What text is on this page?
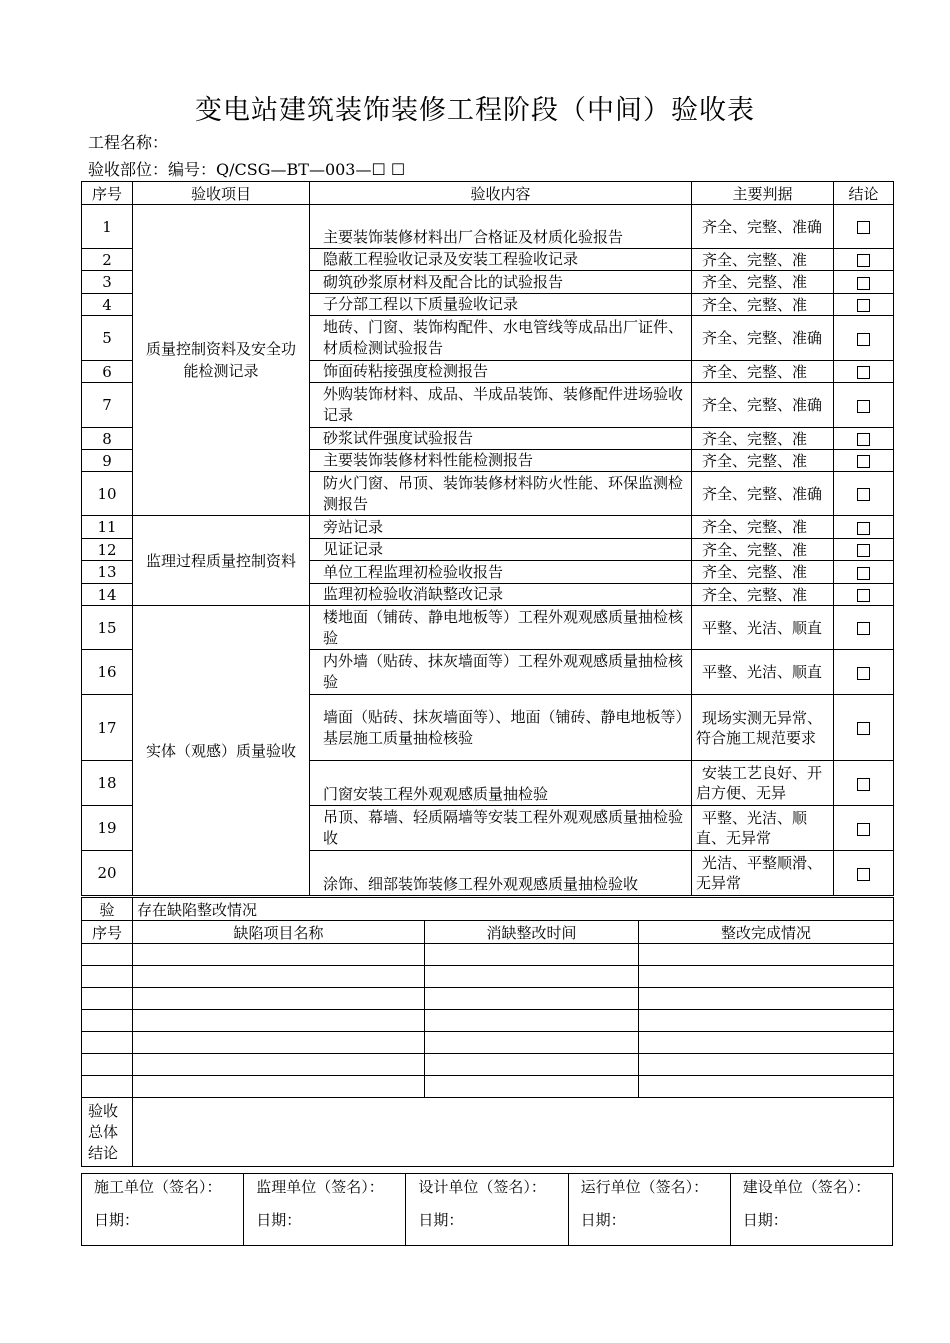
变电站建筑装饰装修工程阶段（中间）验收表
工程名称：
验收部位：编号：Q/CSG—BT—003—☐ ☐
序号	验收项目	验收内容	主要判据	结论
1	质量控制资料及安全功能检测记录	主要装饰装修材料出厂合格证及材质化验报告	齐全、完整、准确	
2		隐蔽工程验收记录及安装工程验收记录	齐全、完整、准	
3		砌筑砂浆原材料及配合比的试验报告	齐全、完整、准	
4		子分部工程以下质量验收记录	齐全、完整、准	
5		地砖、门窗、装饰构配件、水电管线等成品出厂证件、材质检测试验报告	齐全、完整、准确	
6		饰面砖粘接强度检测报告	齐全、完整、准	
7		外购装饰材料、成品、半成品装饰、装修配件进场验收记录	齐全、完整、准确	
8		砂浆试件强度试验报告	齐全、完整、准	
9		主要装饰装修材料性能检测报告	齐全、完整、准	
10		防火门窗、吊顶、装饰装修材料防火性能、环保监测检测报告	齐全、完整、准确	
11	监理过程质量控制资料	旁站记录	齐全、完整、准	
12		见证记录	齐全、完整、准	
13		单位工程监理初检验收报告	齐全、完整、准	
14		监理初检验收消缺整改记录	齐全、完整、准	
15	实体（观感）质量验收	楼地面（铺砖、静电地板等）工程外观观感质量抽检核验	平整、光洁、顺直	
16		内外墙（贴砖、抹灰墙面等）工程外观观感质量抽检核验	平整、光洁、顺直	
17		墙面（贴砖、抹灰墙面等）、地面（铺砖、静电地板等）基层施工质量抽检核验	现场实测无异常、符合施工规范要求	
18		门窗安装工程外观观感质量抽检验	安装工艺良好、开启方便、无异	
19		吊顶、幕墙、轻质隔墙等安装工程外观观感质量抽检验收	平整、光洁、顺直、无异常	
20		涂饰、细部装饰装修工程外观观感质量抽检验收	光洁、平整顺滑、无异常	
验	存在缺陷整改情况		
序号	缺陷项目名称	消缺整改时间	整改完成情况

验收总体结论			
施工单位（签名）：
日期：

监理单位（签名）：
日期：

设计单位（签名）：
日期：

运行单位（签名）：
日期：

建设单位（签名）：
日期：
